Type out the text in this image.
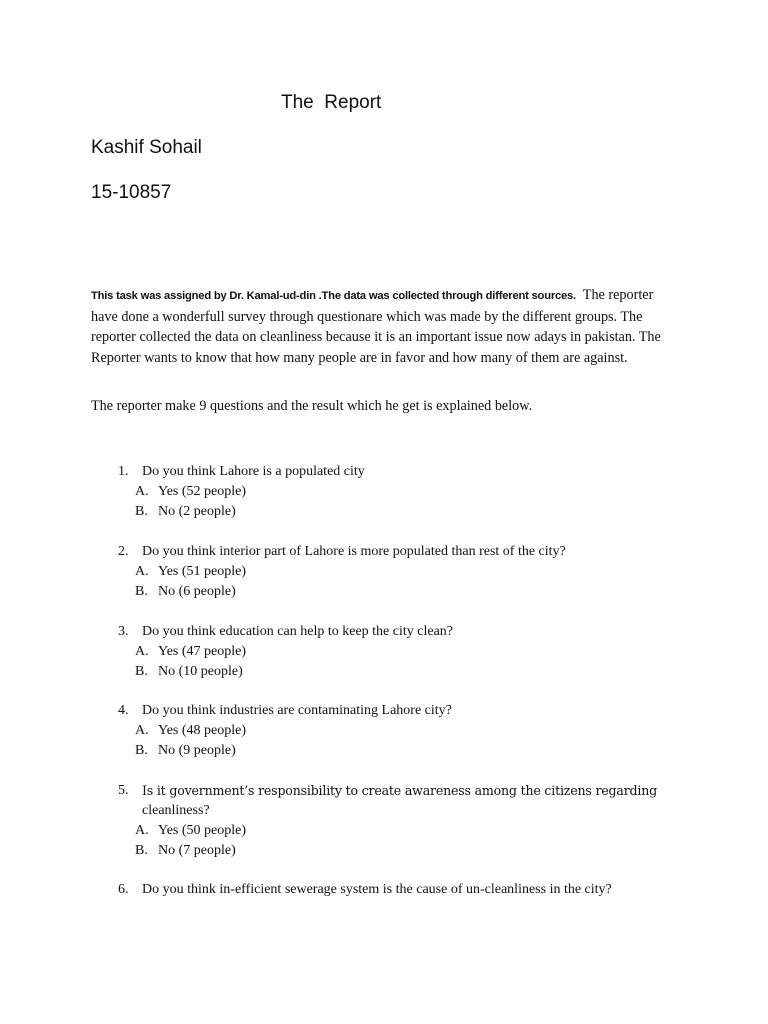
The  Report
Kashif Sohail
15-10857

This task was assigned by Dr. Kamal-ud-din .The data was collected through different sources. The reporter have done a wonderfull survey through questionare which was made by the different groups. The reporter collected the data on cleanliness because it is an important issue now adays in pakistan. The Reporter wants to know that how many people are in favor and how many of them are against.

The reporter make 9 questions and the result which he get is explained below.
1. Do you think Lahore is a populated city
A. Yes (52 people)
B. No (2 people)
2. Do you think interior part of Lahore is more populated than rest of the city?
A. Yes (51 people)
B. No (6 people)
3. Do you think education can help to keep the city clean?
A. Yes (47 people)
B. No (10 people)
4. Do you think industries are contaminating Lahore city?
A. Yes (48 people)
B. No (9 people)
5.	Is it government’s responsibility to create awareness among the citizens regarding
cleanliness?
A. Yes (50 people)
B. No (7 people)
6. Do you think in-efficient sewerage system is the cause of un-cleanliness in the city?
